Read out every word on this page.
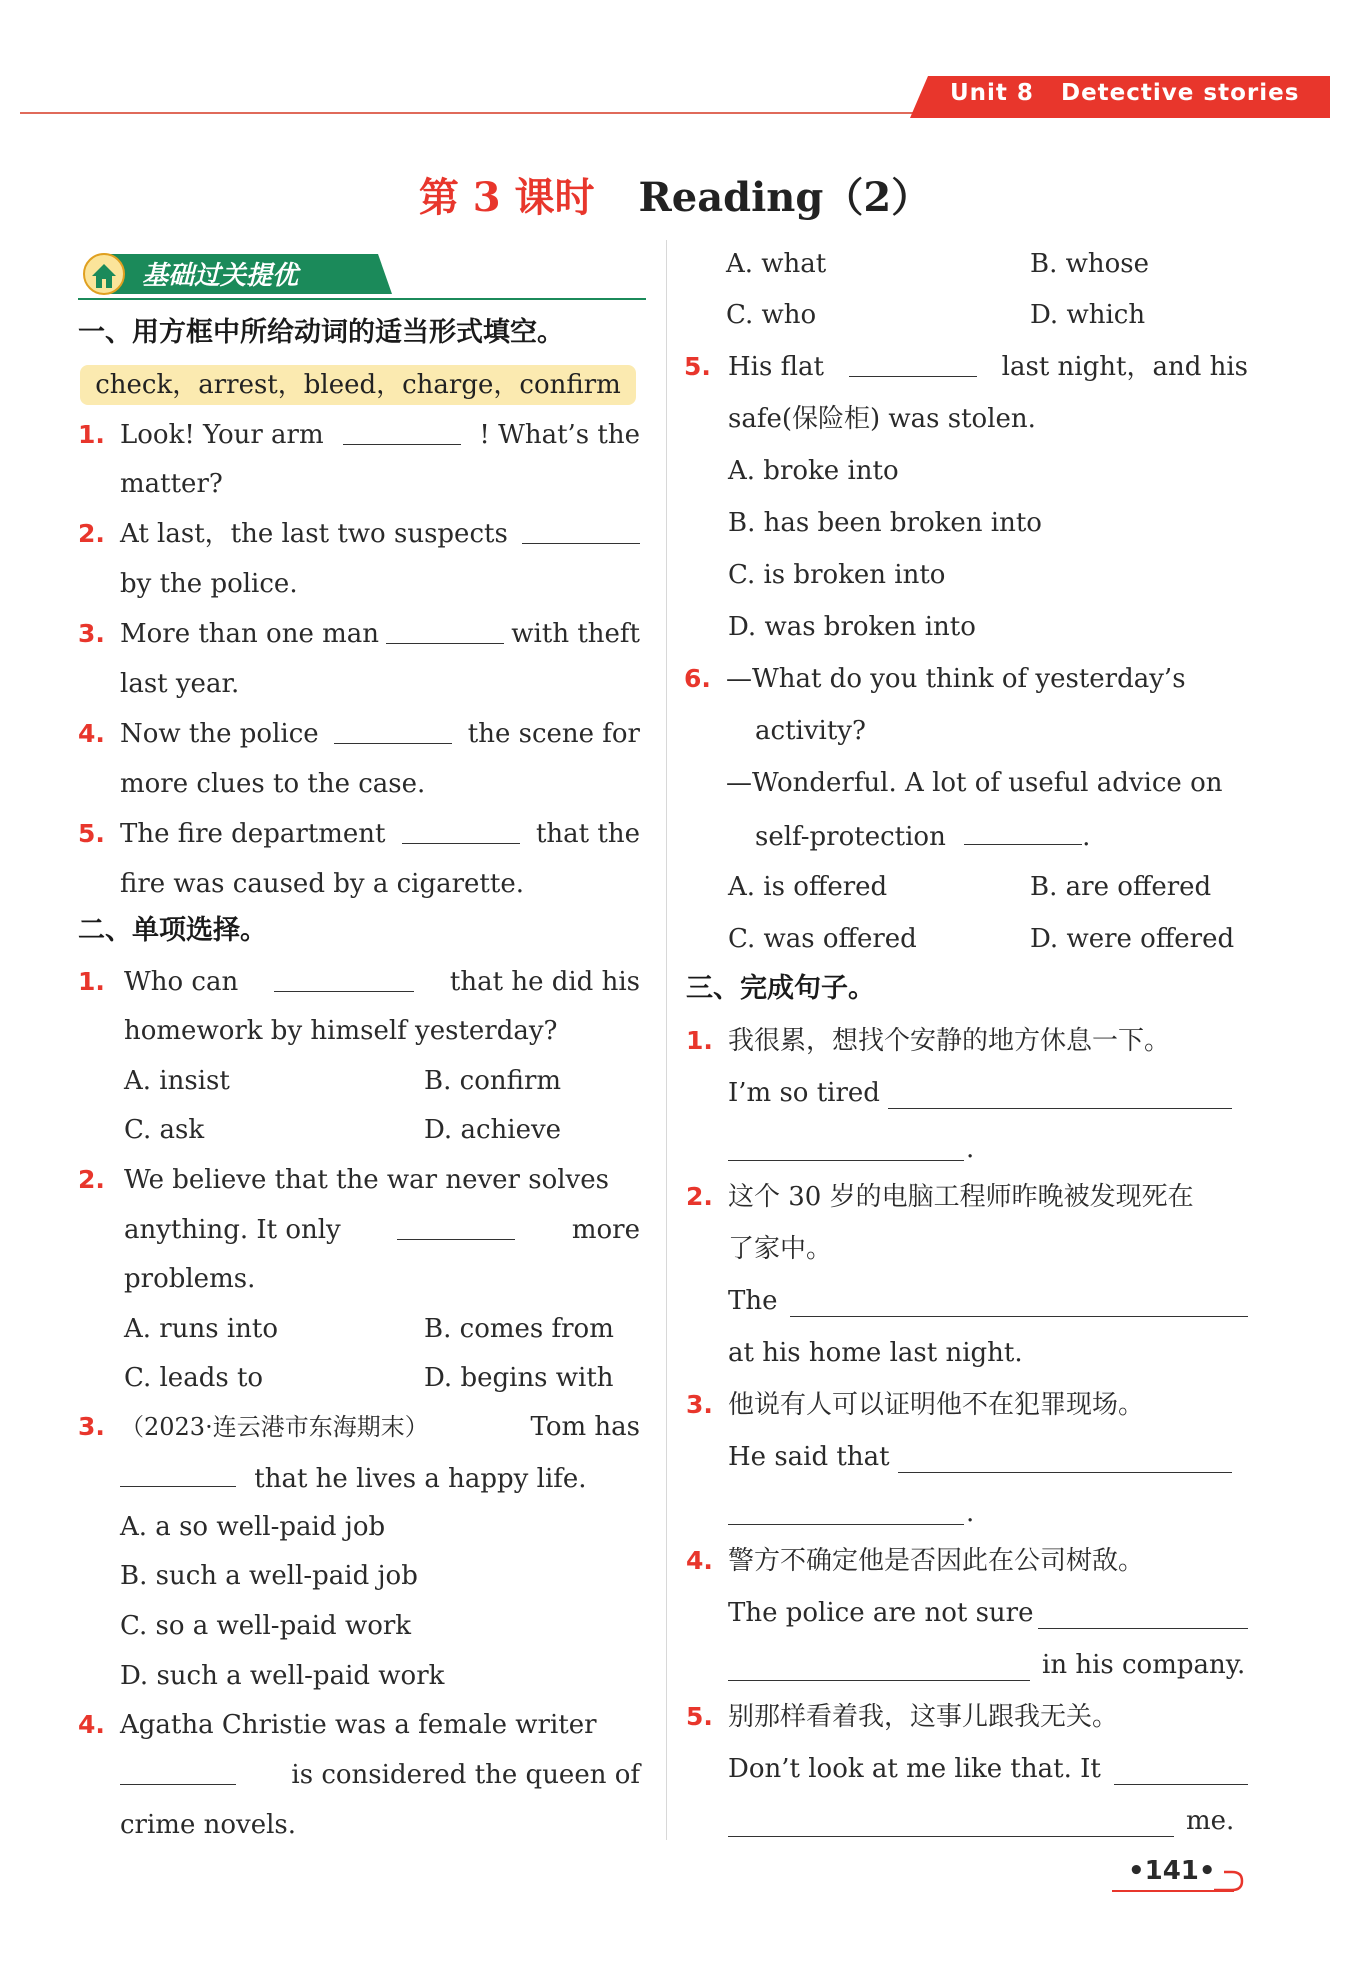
Unit 8 Detective stories
第 3 课时 Reading（2）
基础过关提优
一、用方框中所给动词的适当形式填空。
check，arrest，bleed，charge，confirm
1. Look! Your arm	! What’s the
matter?
2. At last，the last two suspects
by the police.
3. More than one man	with theft
last year.
4. Now the police	the scene for
more clues to the case.
5. The fire department	that the
fire was caused by a cigarette.
二、单项选择。
1. Who can	that he did his
homework by himself yesterday?
A. insist	B. confirm
C. ask	D. achieve
2. We believe that the war never solves
anything. It only	more
problems.
A. runs into	B. comes from
C. leads to	D. begins with
3. （2023·连云港市东海期末）	Tom has
that he lives a happy life.
A. a so well-paid job
B. such a well-paid job
C. so a well-paid work
D. such a well-paid work
4. Agatha Christie was a female writer
is considered the queen of
crime novels.
A. what	B. whose
C. who	D. which
5. His flat	last night，and his
safe(保险柜) was stolen.
A. broke into
B. has been broken into
C. is broken into
D. was broken into
6. —What do you think of yesterday’s
activity?
—Wonderful. A lot of useful advice on
self-protection	.
A. is offered	B. are offered
C. was offered	D. were offered
三、完成句子。
1. 我很累，想找个安静的地方休息一下。
I’m so tired
.
2. 这个 30 岁的电脑工程师昨晚被发现死在
了家中。
The
at his home last night.
3. 他说有人可以证明他不在犯罪现场。
He said that
.
4. 警方不确定他是否因此在公司树敌。
The police are not sure
in his company.
5. 别那样看着我，这事儿跟我无关。
Don’t look at me like that. It
me.
•141•
